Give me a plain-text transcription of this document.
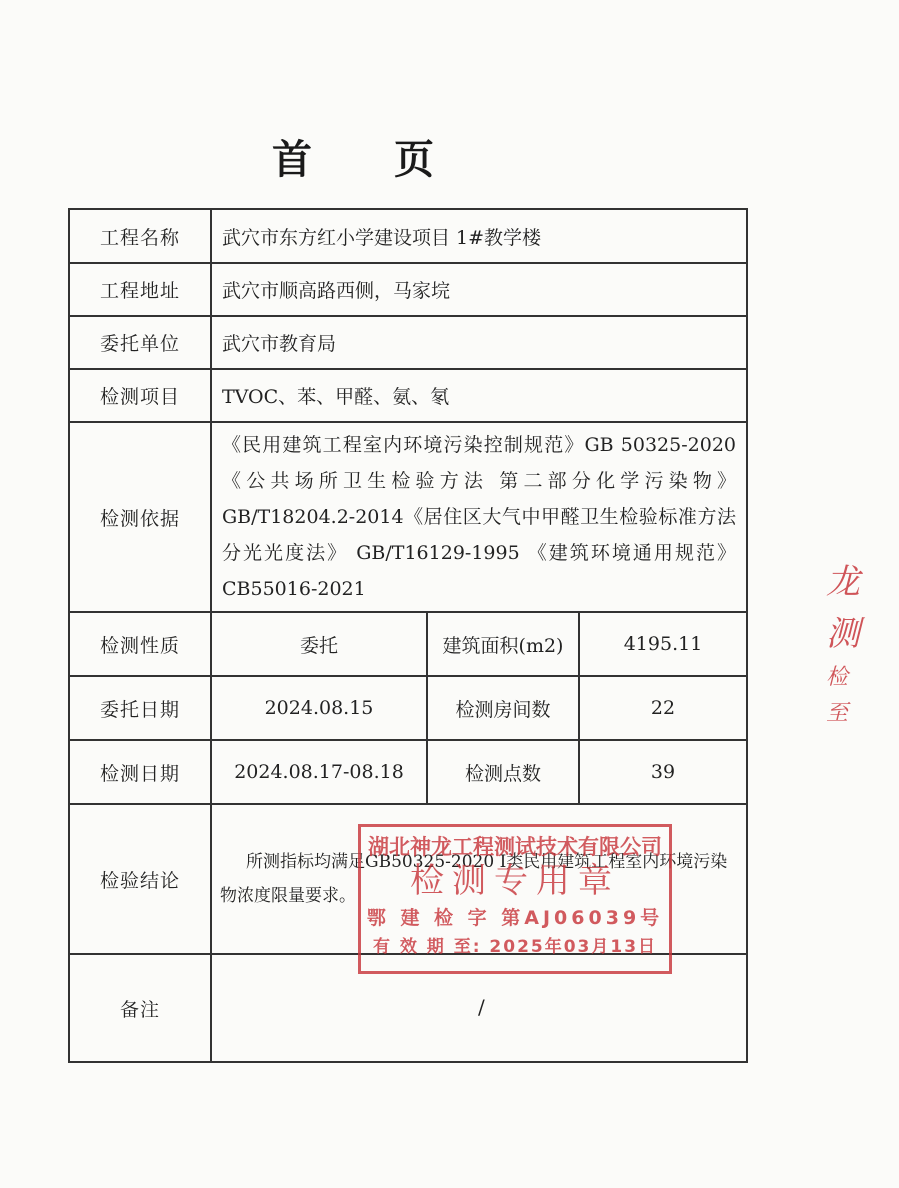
首 页
工程名称	武穴市东方红小学建设项目 1#教学楼		
工程地址	武穴市顺高路西侧，马家垸		
委托单位	武穴市教育局		
检测项目	TVOC、苯、甲醛、氨、氡		
检测依据	《民用建筑工程室内环境污染控制规范》GB 50325-2020《公共场所卫生检验方法 第二部分化学污染物》GB/T18204.2-2014《居住区大气中甲醛卫生检验标准方法 分光光度法》 GB/T16129-1995 《建筑环境通用规范》CB55016-2021		
检测性质	委托	建筑面积(m2)	4195.11
委托日期	2024.08.15	检测房间数	22
检测日期	2024.08.17-08.18	检测点数	39
检验结论	所测指标均满足GB50325-2020 I类民用建筑工程室内环境污染物浓度限量要求。		

备注	/		
湖北神龙工程测试技术有限公司
检测专用章
鄂 建 检 字 第AJ06039号
有 效 期 至: 2025年03月13日
龙
测
检
至
